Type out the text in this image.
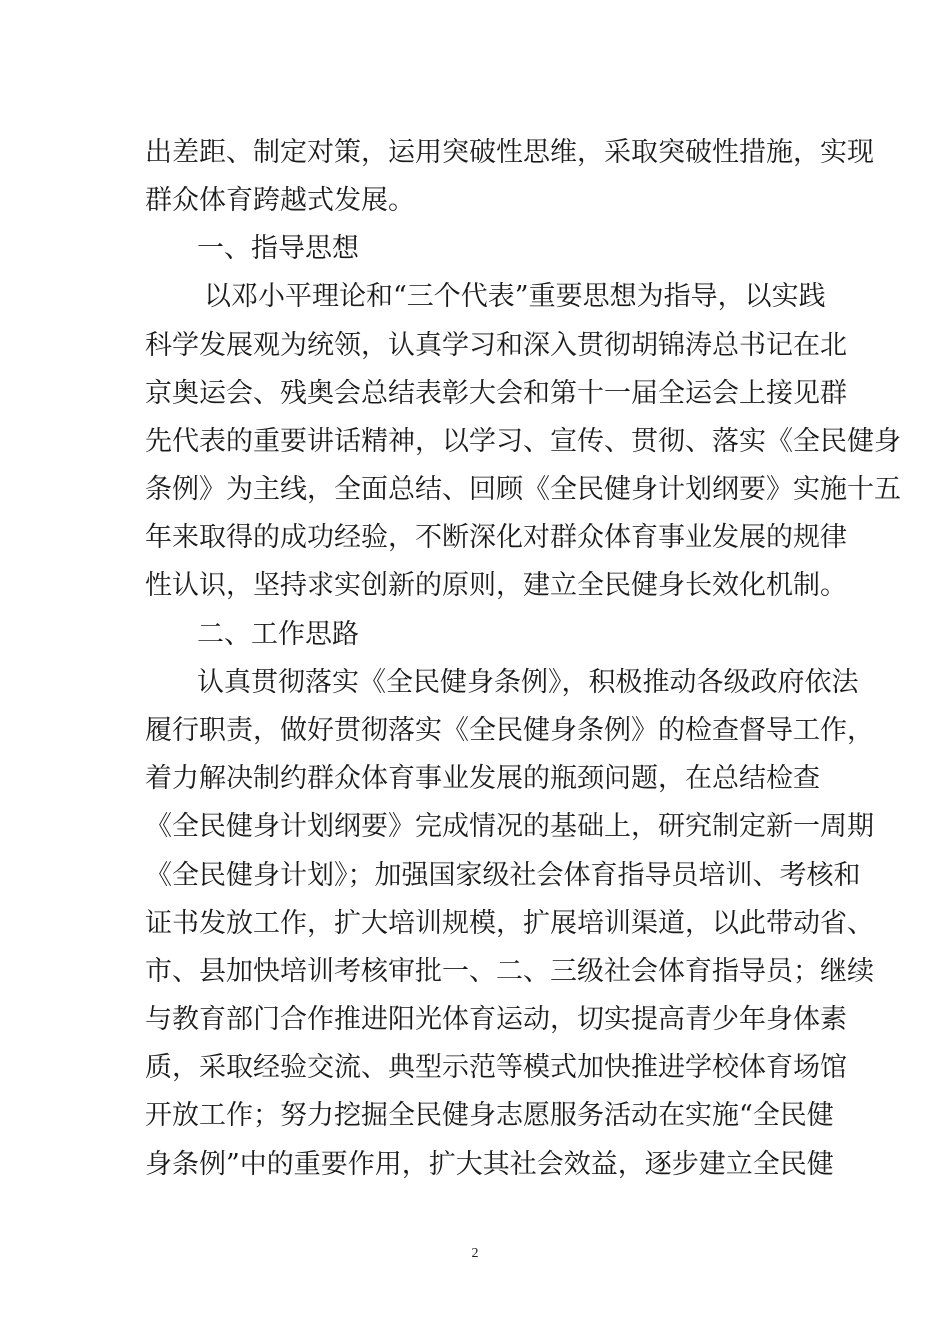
出差距、制定对策，运用突破性思维，采取突破性措施，实现
群众体育跨越式发展。
一、指导思想
以邓小平理论和“三个代表”重要思想为指导，以实践
科学发展观为统领，认真学习和深入贯彻胡锦涛总书记在北
京奥运会、残奥会总结表彰大会和第十一届全运会上接见群
先代表的重要讲话精神，以学习、宣传、贯彻、落实《全民健身
条例》为主线，全面总结、回顾《全民健身计划纲要》实施十五
年来取得的成功经验，不断深化对群众体育事业发展的规律
性认识，坚持求实创新的原则，建立全民健身长效化机制。
二、工作思路
认真贯彻落实《全民健身条例》，积极推动各级政府依法
履行职责，做好贯彻落实《全民健身条例》的检查督导工作，
着力解决制约群众体育事业发展的瓶颈问题，在总结检查
《全民健身计划纲要》完成情况的基础上，研究制定新一周期
《全民健身计划》；加强国家级社会体育指导员培训、考核和
证书发放工作，扩大培训规模，扩展培训渠道，以此带动省、
市、县加快培训考核审批一、二、三级社会体育指导员；继续
与教育部门合作推进阳光体育运动，切实提高青少年身体素
质，采取经验交流、典型示范等模式加快推进学校体育场馆
开放工作；努力挖掘全民健身志愿服务活动在实施“全民健
身条例”中的重要作用，扩大其社会效益，逐步建立全民健
2
